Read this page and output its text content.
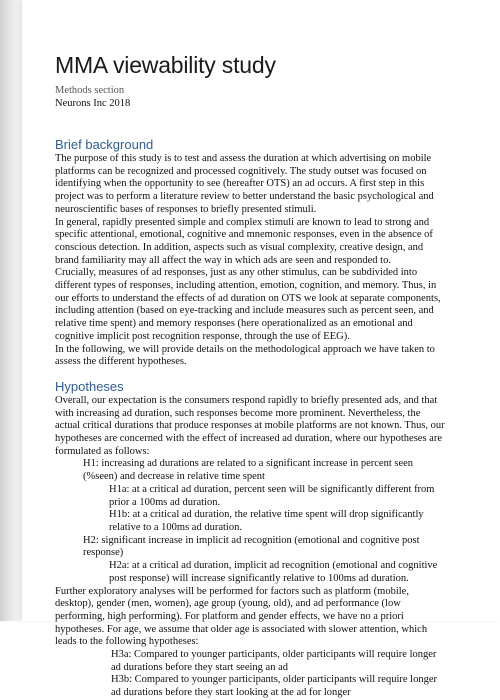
MMA viewability study
Methods section
Neurons Inc 2018
Brief background

The purpose of this study is to test and assess the duration at which advertising on mobile platforms can be recognized and processed cognitively. The study outset was focused on identifying when the opportunity to see (hereafter OTS) an ad occurs. A first step in this project was to perform a literature review to better understand the basic psychological and neuroscientific bases of responses to briefly presented stimuli.

In general, rapidly presented simple and complex stimuli are known to lead to strong and specific attentional, emotional, cognitive and mnemonic responses, even in the absence of conscious detection. In addition, aspects such as visual complexity, creative design, and brand familiarity may all affect the way in which ads are seen and responded to.

Crucially, measures of ad responses, just as any other stimulus, can be subdivided into different types of responses, including attention, emotion, cognition, and memory. Thus, in our efforts to understand the effects of ad duration on OTS we look at separate components, including attention (based on eye-tracking and include measures such as percent seen, and relative time spent) and memory responses (here operationalized as an emotional and cognitive implicit post recognition response, through the use of EEG).

In the following, we will provide details on the methodological approach we have taken to assess the different hypotheses.

Hypotheses

Overall, our expectation is the consumers respond rapidly to briefly presented ads, and that with increasing ad duration, such responses become more prominent. Nevertheless, the actual critical durations that produce responses at mobile platforms are not known. Thus, our hypotheses are concerned with the effect of increased ad duration, where our hypotheses are formulated as follows:

H1: increasing ad durations are related to a significant increase in percent seen (%seen) and decrease in relative time spent

H1a: at a critical ad duration, percent seen will be significantly different from prior a 100ms ad duration.

H1b: at a critical ad duration, the relative time spent will drop significantly relative to a 100ms ad duration.

H2: significant increase in implicit ad recognition (emotional and cognitive post response)

H2a: at a critical ad duration, implicit ad recognition (emotional and cognitive post response) will increase significantly relative to 100ms ad duration.

Further exploratory analyses will be performed for factors such as platform (mobile, desktop), gender (men, women), age group (young, old), and ad performance (low performing, high performing). For platform and gender effects, we have no a priori hypotheses. For age, we assume that older age is associated with slower attention, which leads to the following hypotheses:

H3a: Compared to younger participants, older participants will require longer ad durations before they start seeing an ad

H3b: Compared to younger participants, older participants will require longer ad durations before they start looking at the ad for longer
